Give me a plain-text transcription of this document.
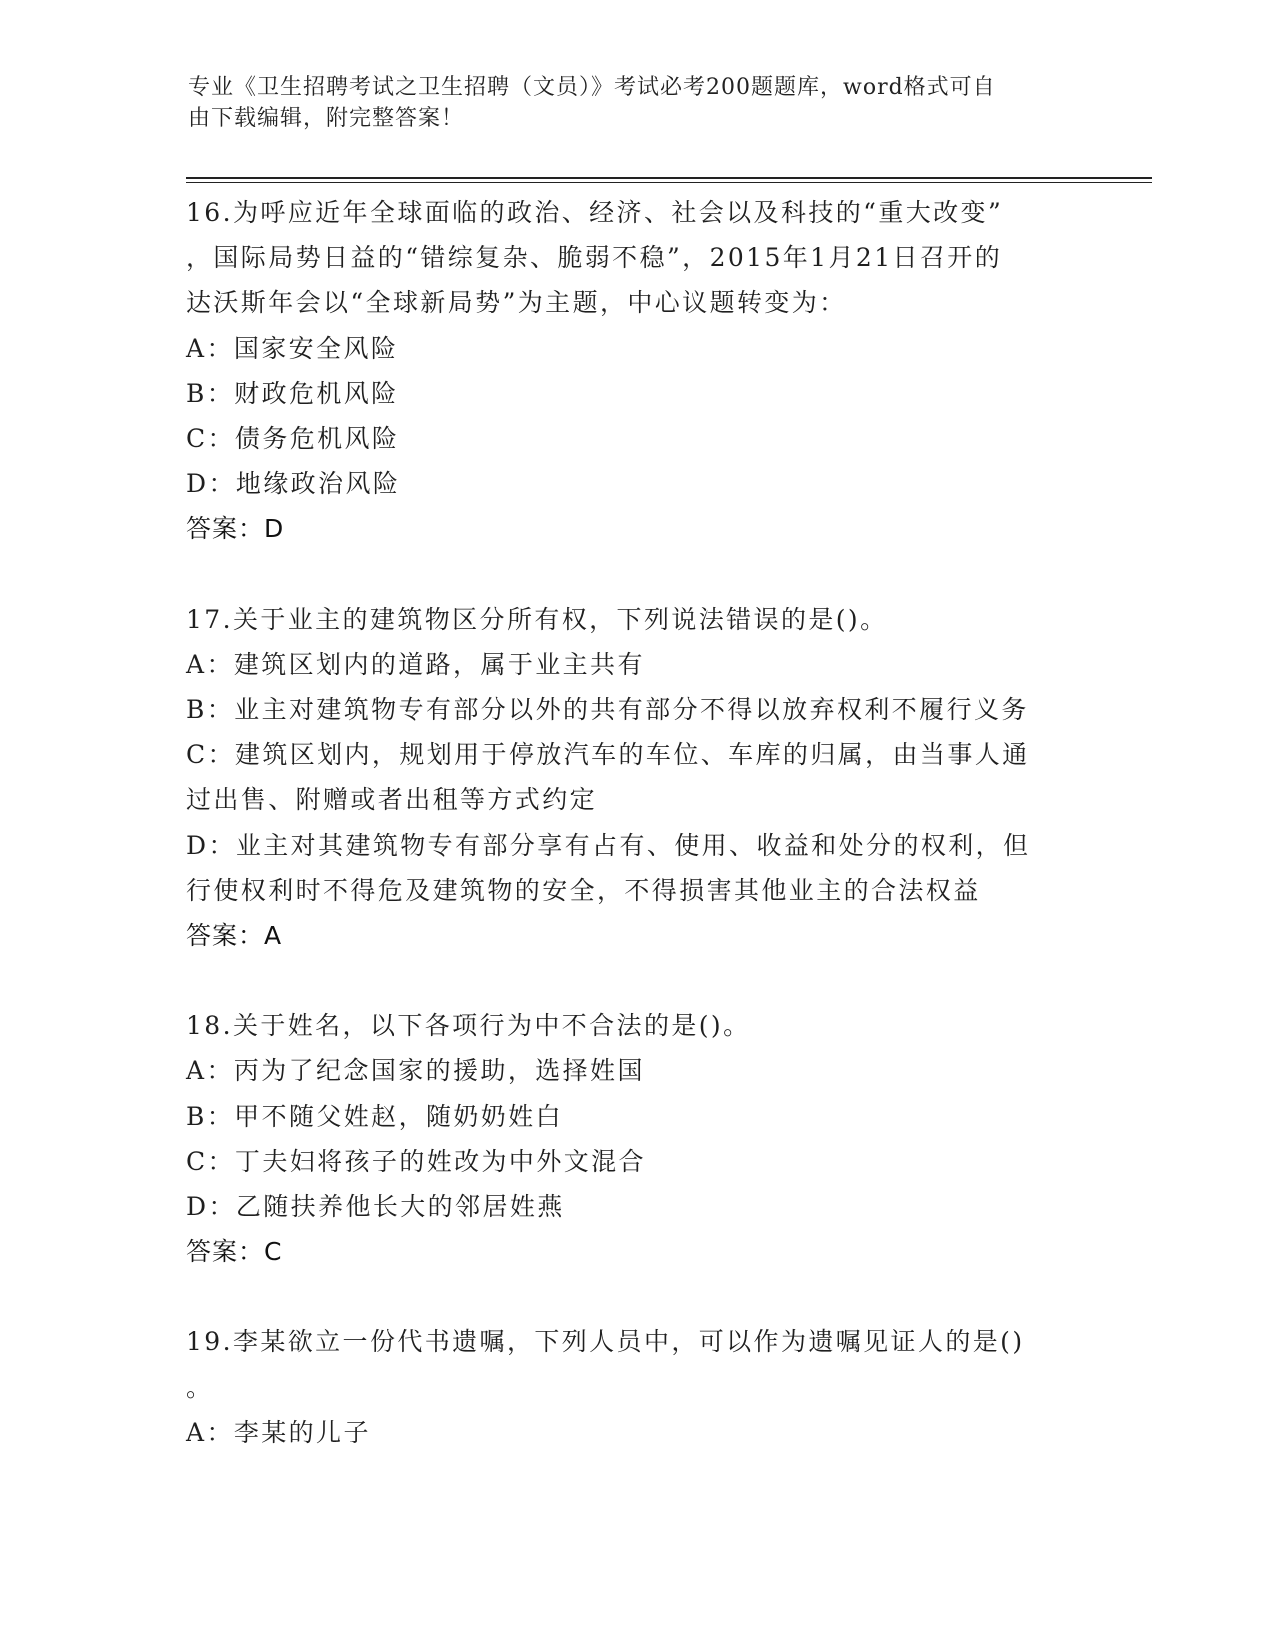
专业《卫生招聘考试之卫生招聘（文员）》考试必考200题题库，word格式可自
由下载编辑，附完整答案！
16.为呼应近年全球面临的政治、经济、社会以及科技的“重大改变”
，国际局势日益的“错综复杂、脆弱不稳”，2015年1月21日召开的
达沃斯年会以“全球新局势”为主题，中心议题转变为：
A：国家安全风险
B：财政危机风险
C：债务危机风险
D：地缘政治风险
答案：D
17.关于业主的建筑物区分所有权，下列说法错误的是()。
A：建筑区划内的道路，属于业主共有
B：业主对建筑物专有部分以外的共有部分不得以放弃权利不履行义务
C：建筑区划内，规划用于停放汽车的车位、车库的归属，由当事人通
过出售、附赠或者出租等方式约定
D：业主对其建筑物专有部分享有占有、使用、收益和处分的权利，但
行使权利时不得危及建筑物的安全，不得损害其他业主的合法权益
答案：A
18.关于姓名，以下各项行为中不合法的是()。
A：丙为了纪念国家的援助，选择姓国
B：甲不随父姓赵，随奶奶姓白
C：丁夫妇将孩子的姓改为中外文混合
D：乙随扶养他长大的邻居姓燕
答案：C
19.李某欲立一份代书遗嘱，下列人员中，可以作为遗嘱见证人的是()
。
A：李某的儿子
